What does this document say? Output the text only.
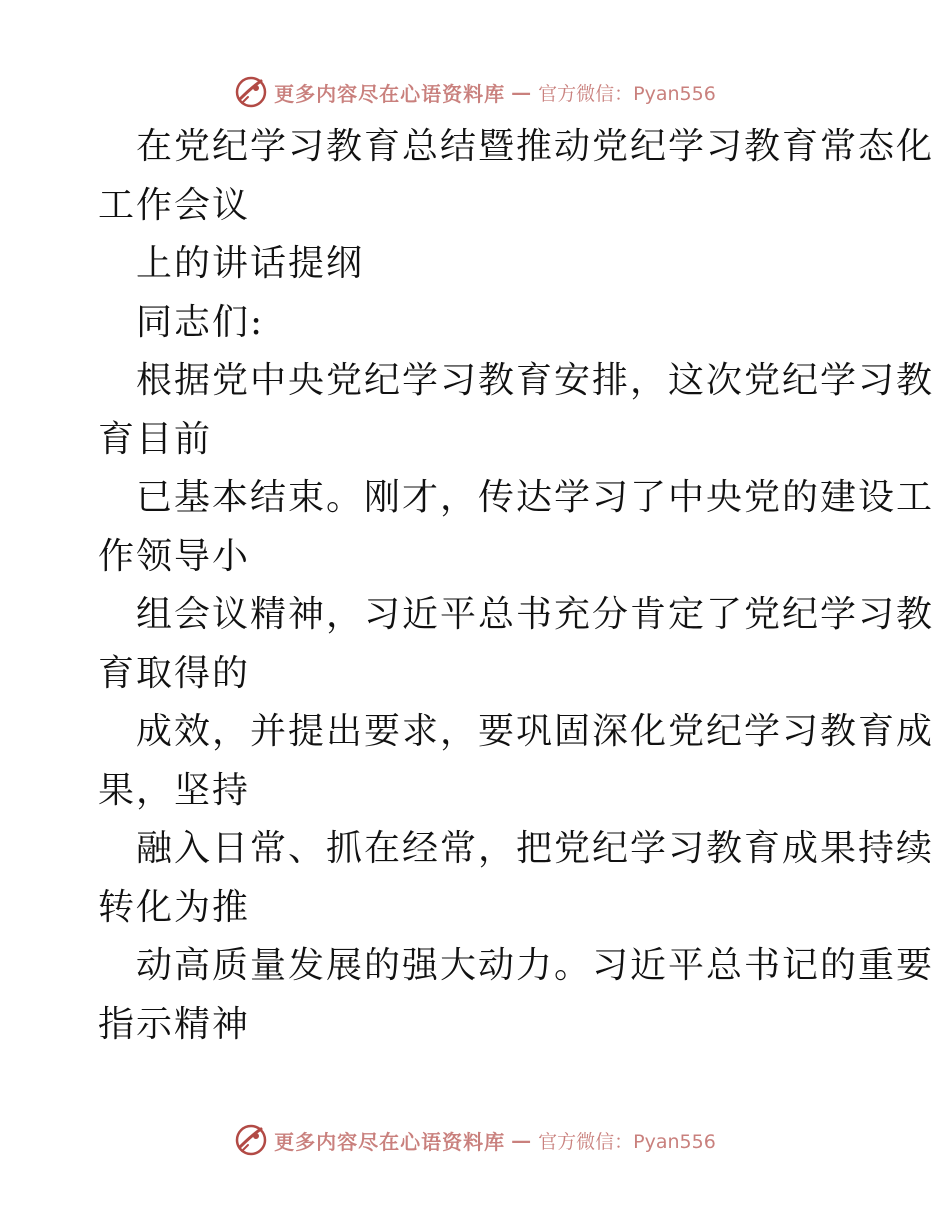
更多内容尽在心语资料库 — 官方微信：Pyan556
在党纪学习教育总结暨推动党纪学习教育常态化
工作会议
上的讲话提纲
同志们:
根据党中央党纪学习教育安排，这次党纪学习教
育目前
已基本结束。刚才，传达学习了中央党的建设工
作领导小
组会议精神，习近平总书充分肯定了党纪学习教
育取得的
成效，并提出要求，要巩固深化党纪学习教育成
果，坚持
融入日常、抓在经常，把党纪学习教育成果持续
转化为推
动高质量发展的强大动力。习近平总书记的重要
指示精神
更多内容尽在心语资料库 — 官方微信：Pyan556
